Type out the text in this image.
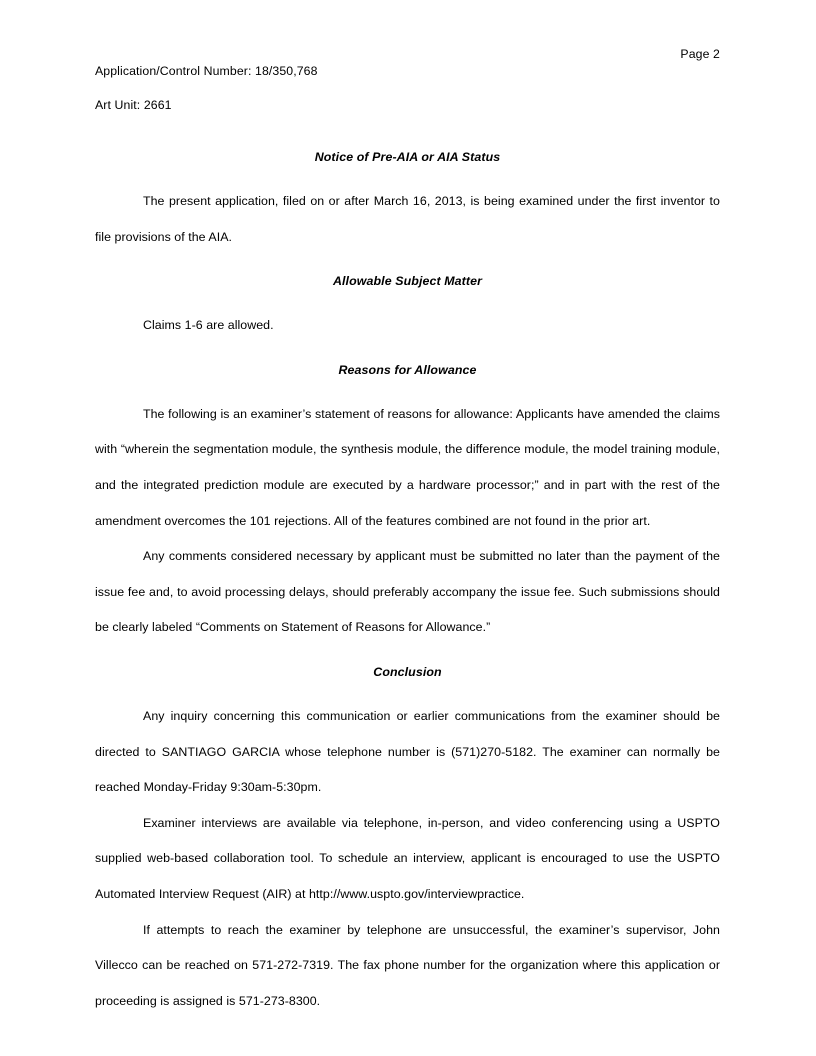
Application/Control Number: 18/350,768

Art Unit: 2661

Page 2
Notice of Pre-AIA or AIA Status

The present application, filed on or after March 16, 2013, is being examined under the first inventor to file provisions of the AIA.

Allowable Subject Matter

Claims 1-6 are allowed.

Reasons for Allowance

The following is an examiner’s statement of reasons for allowance: Applicants have amended the claims with “wherein the segmentation module, the synthesis module, the difference module, the model training module, and the integrated prediction module are executed by a hardware processor;” and in part with the rest of the amendment overcomes the 101 rejections. All of the features combined are not found in the prior art.

Any comments considered necessary by applicant must be submitted no later than the payment of the issue fee and, to avoid processing delays, should preferably accompany the issue fee. Such submissions should be clearly labeled “Comments on Statement of Reasons for Allowance.”

Conclusion

Any inquiry concerning this communication or earlier communications from the examiner should be directed to SANTIAGO GARCIA whose telephone number is (571)270-5182. The examiner can normally be reached Monday-Friday 9:30am-5:30pm.

Examiner interviews are available via telephone, in-person, and video conferencing using a USPTO supplied web-based collaboration tool. To schedule an interview, applicant is encouraged to use the USPTO Automated Interview Request (AIR) at http://www.uspto.gov/interviewpractice.

If attempts to reach the examiner by telephone are unsuccessful, the examiner’s supervisor, John Villecco can be reached on 571-272-7319. The fax phone number for the organization where this application or proceeding is assigned is 571-273-8300.
